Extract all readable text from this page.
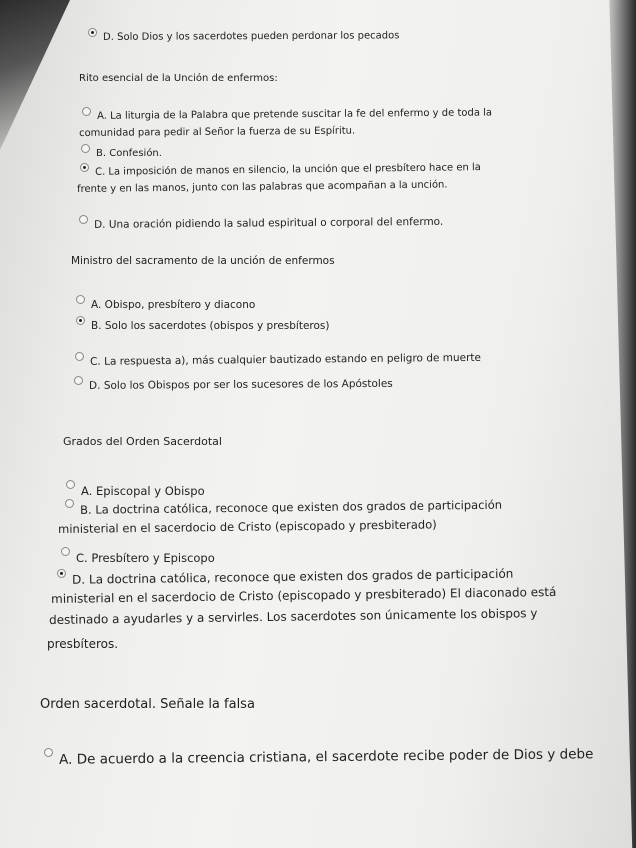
D. Solo Dios y los sacerdotes pueden perdonar los pecados
Rito esencial de la Unción de enfermos:
A. La liturgia de la Palabra que pretende suscitar la fe del enfermo y de toda la
comunidad para pedir al Señor la fuerza de su Espíritu.
B. Confesión.
C. La imposición de manos en silencio, la unción que el presbítero hace en la
frente y en las manos, junto con las palabras que acompañan a la unción.
D. Una oración pidiendo la salud espiritual o corporal del enfermo.
Ministro del sacramento de la unción de enfermos
A. Obispo, presbítero y diacono
B. Solo los sacerdotes (obispos y presbíteros)
C. La respuesta a), más cualquier bautizado estando en peligro de muerte
D. Solo los Obispos por ser los sucesores de los Apóstoles
Grados del Orden Sacerdotal
A. Episcopal y Obispo
B. La doctrina católica, reconoce que existen dos grados de participación
ministerial en el sacerdocio de Cristo (episcopado y presbiterado)
C. Presbítero y Episcopo
D. La doctrina católica, reconoce que existen dos grados de participación
ministerial en el sacerdocio de Cristo (episcopado y presbiterado) El diaconado está
destinado a ayudarles y a servirles. Los sacerdotes son únicamente los obispos y
presbíteros.
Orden sacerdotal. Señale la falsa
A. De acuerdo a la creencia cristiana, el sacerdote recibe poder de Dios y debe
